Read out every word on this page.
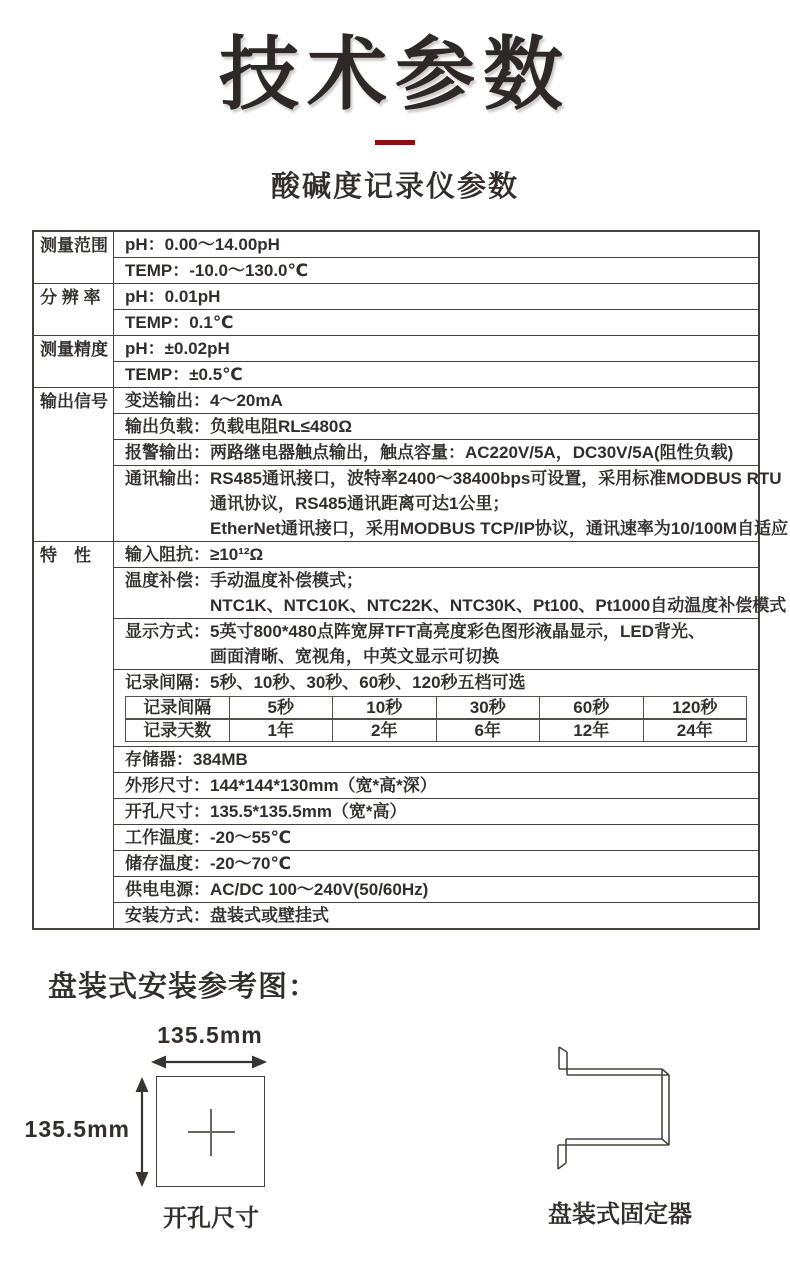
技术参数
酸碱度记录仪参数
测量范围	pH：0.00～14.00pH
TEMP：-10.0～130.0℃
分 辨 率	pH：0.01pH
TEMP：0.1℃
测量精度	pH：±0.02pH
TEMP：±0.5℃
输出信号	变送输出：4～20mA
输出负载：负载电阻RL≤480Ω
报警输出：两路继电器触点输出，触点容量：AC220V/5A，DC30V/5A(阻性负载)
通讯输出：RS485通讯接口，波特率2400～38400bps可设置，采用标准MODBUS RTU
通讯协议，RS485通讯距离可达1公里；
EtherNet通讯接口，采用MODBUS TCP/IP协议，通讯速率为10/100M自适应
特　性	输入阻抗：≥10¹²Ω
温度补偿：手动温度补偿模式；
NTC1K、NTC10K、NTC22K、NTC30K、Pt100、Pt1000自动温度补偿模式
显示方式：5英寸800*480点阵宽屏TFT高亮度彩色图形液晶显示，LED背光、
画面清晰、宽视角，中英文显示可切换
记录间隔：5秒、10秒、30秒、60秒、120秒五档可选
记录间隔	5秒	10秒	30秒	60秒	120秒
记录天数	1年	2年	6年	12年	24年
存储器：384MB
外形尺寸：144*144*130mm（宽*高*深）
开孔尺寸：135.5*135.5mm（宽*高）
工作温度：-20～55℃
储存温度：-20～70℃
供电电源：AC/DC 100～240V(50/60Hz)
安装方式：盘装式或壁挂式
盘装式安装参考图：
135.5mm
135.5mm
开孔尺寸	盘装式固定器
